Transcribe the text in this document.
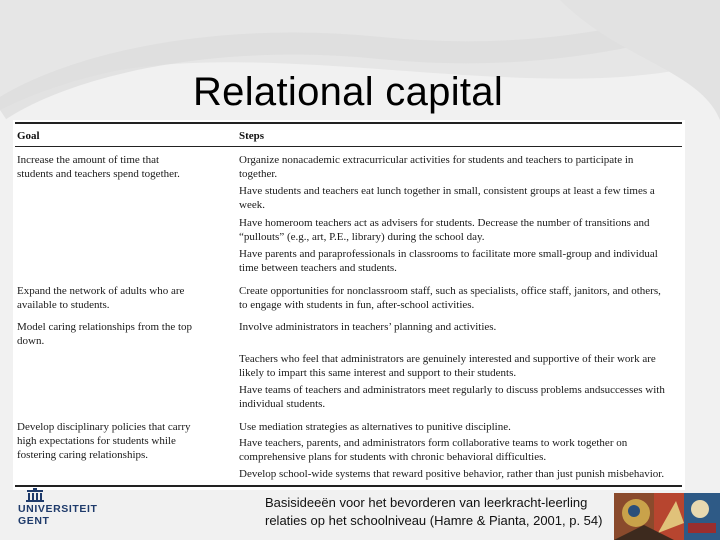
Relational capital
Goal	Steps
Increase the amount of time that
students and teachers spend together.
Expand the network of adults who are
available to students.
Model caring relationships from the top
down.
Develop disciplinary policies that carry
high expectations for students while
fostering caring relationships.
Organize nonacademic extracurricular activities for students and teachers to participate in
together.
Have students and teachers eat lunch together in small, consistent groups at least a few times a
week.
Have homeroom teachers act as advisers for students. Decrease the number of transitions and
“pullouts” (e.g., art, P.E., library) during the school day.
Have parents and paraprofessionals in classrooms to facilitate more small-group and individual
time between teachers and students.
Create opportunities for nonclassroom staff, such as specialists, office staff, janitors, and others,
to engage with students in fun, after-school activities.
Involve administrators in teachers’ planning and activities.
Teachers who feel that administrators are genuinely interested and supportive of their work are
likely to impart this same interest and support to their students.
Have teams of teachers and administrators meet regularly to discuss problems andsuccesses with
individual students.
Use mediation strategies as alternatives to punitive discipline.
Have teachers, parents, and administrators form collaborative teams to work together on
comprehensive plans for students with chronic behavioral difficulties.
Develop school-wide systems that reward positive behavior, rather than just punish misbehavior.
UNIVERSITEIT
GENT
Basisideeën voor het bevorderen van leerkracht-leerling relaties op het schoolniveau (Hamre & Pianta, 2001, p. 54)
